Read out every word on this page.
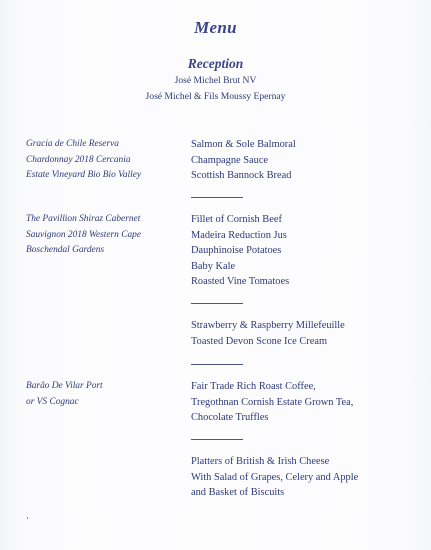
Menu
Reception
José Michel Brut NV
José Michel & Fils Moussy Epernay
Gracia de Chile Reserva
Chardonnay 2018 Cercania
Estate Vineyard Bio Bio Valley
Salmon & Sole Balmoral
Champagne Sauce
Scottish Bannock Bread
The Pavillion Shiraz Cabernet
Sauvignon 2018 Western Cape
Boschendal Gardens
Fillet of Cornish Beef
Madeira Reduction Jus
Dauphinoise Potatoes
Baby Kale
Roasted Vine Tomatoes
Strawberry & Raspberry Millefeuille
Toasted Devon Scone Ice Cream
Barão De Vilar Port
or VS Cognac
Fair Trade Rich Roast Coffee,
Tregothnan Cornish Estate Grown Tea,
Chocolate Truffles
Platters of British & Irish Cheese
With Salad of Grapes, Celery and Apple
and Basket of Biscuits
